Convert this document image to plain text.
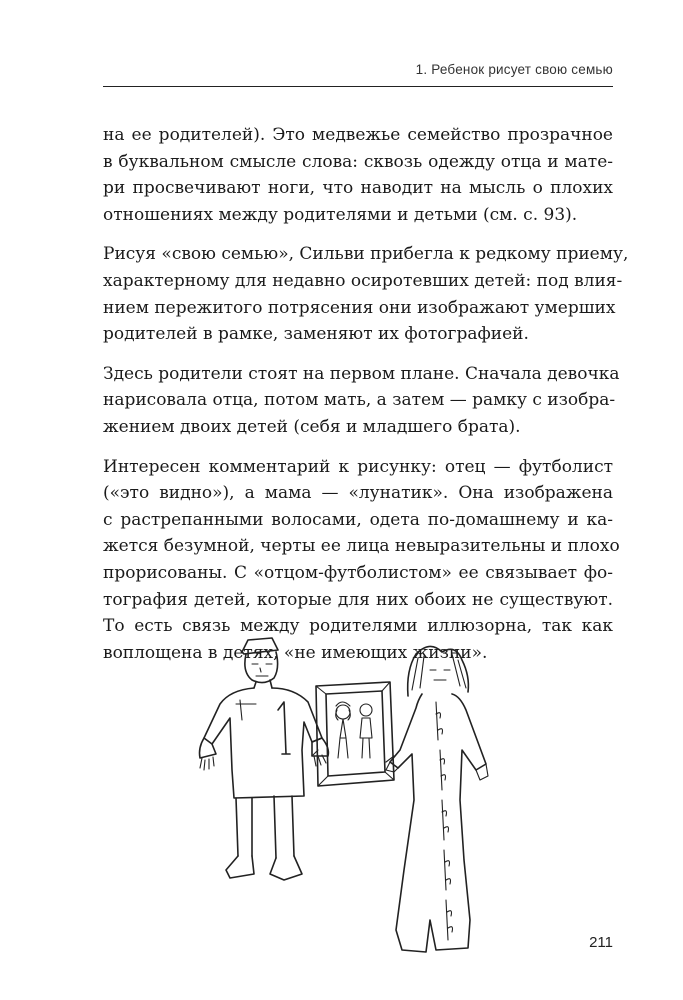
1. Ребенок рисует свою семью

на ее родителей). Это медвежье семейство прозрачное
в буквальном смысле слова: сквозь одежду отца и мате-
ри просвечивают ноги, что наводит на мысль о плохих
отношениях между родителями и детьми (см. с. 93).

Рисуя «свою семью», Сильви прибегла к редкому приему,
характерному для недавно осиротевших детей: под влия-
нием пережитого потрясения они изображают умерших
родителей в рамке, заменяют их фотографией.

Здесь родители стоят на первом плане. Сначала девочка
нарисовала отца, потом мать, а затем — рамку с изобра-
жением двоих детей (себя и младшего брата).

Интересен комментарий к рисунку: отец — футболист
(«это видно»), а мама — «лунатик». Она изображена
с растрепанными волосами, одета по-домашнему и ка-
жется безумной, черты ее лица невыразительны и плохо
прорисованы. С «отцом-футболистом» ее связывает фо-
тография детей, которые для них обоих не существуют.
То есть связь между родителями иллюзорна, так как
воплощена в детях, «не имеющих жизни».

1
211
